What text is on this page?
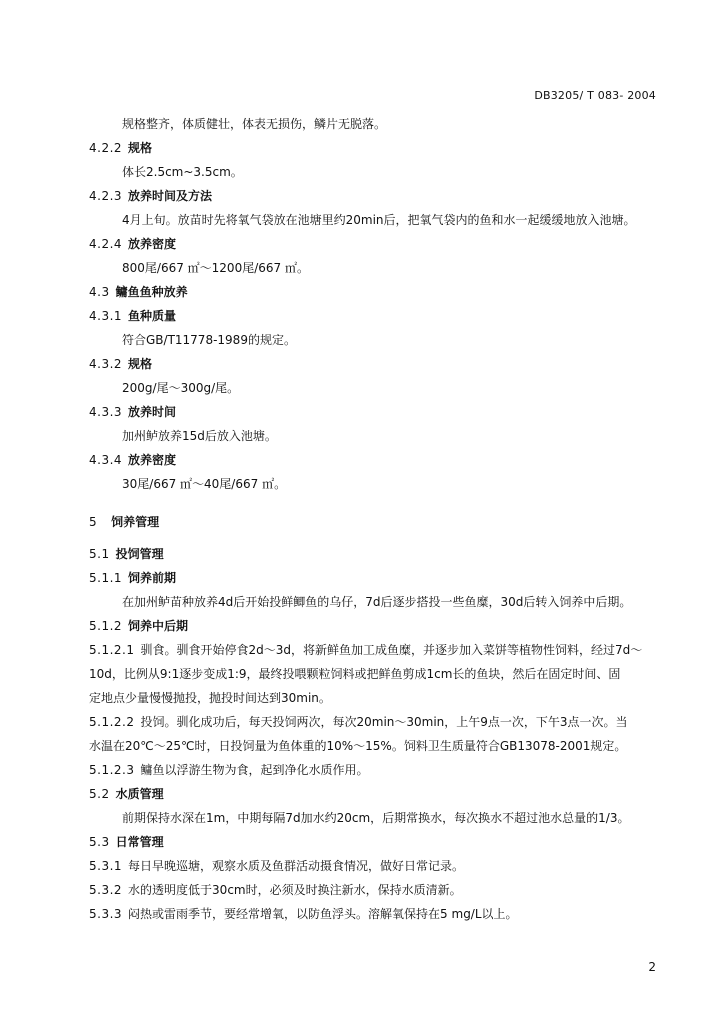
DB3205/ T 083- 2004
规格整齐，体质健壮，体表无损伤，鳞片无脱落。
4.2.2 规格
体长2.5cm~3.5cm。
4.2.3 放养时间及方法
4月上旬。放苗时先将氧气袋放在池塘里约20min后，把氧气袋内的鱼和水一起缓缓地放入池塘。
4.2.4 放养密度
800尾/667 ㎡～1200尾/667 ㎡。
4.3 鳙鱼鱼种放养
4.3.1 鱼种质量
符合GB/T11778-1989的规定。
4.3.2 规格
200g/尾～300g/尾。
4.3.3 放养时间
加州鲈放养15d后放入池塘。
4.3.4 放养密度
30尾/667 ㎡～40尾/667 ㎡。
5 饲养管理
5.1 投饲管理
5.1.1 饲养前期
在加州鲈苗种放养4d后开始投鲜鲫鱼的乌仔，7d后逐步搭投一些鱼糜，30d后转入饲养中后期。
5.1.2 饲养中后期
5.1.2.1 驯食。驯食开始停食2d～3d，将新鲜鱼加工成鱼糜，并逐步加入菜饼等植物性饲料，经过7d～
10d，比例从9:1逐步变成1:9，最终投喂颗粒饲料或把鲜鱼剪成1cm长的鱼块，然后在固定时间、固
定地点少量慢慢抛投，抛投时间达到30min。
5.1.2.2 投饲。驯化成功后，每天投饲两次，每次20min～30min，上午9点一次，下午3点一次。当
水温在20℃～25℃时，日投饲量为鱼体重的10%～15%。饲料卫生质量符合GB13078-2001规定。
5.1.2.3 鳙鱼以浮游生物为食，起到净化水质作用。
5.2 水质管理
前期保持水深在1m，中期每隔7d加水约20cm，后期常换水，每次换水不超过池水总量的1/3。
5.3 日常管理
5.3.1 每日早晚巡塘，观察水质及鱼群活动摄食情况，做好日常记录。
5.3.2 水的透明度低于30cm时，必须及时换注新水，保持水质清新。
5.3.3 闷热或雷雨季节，要经常增氧，以防鱼浮头。溶解氧保持在5 mg/L以上。
2
